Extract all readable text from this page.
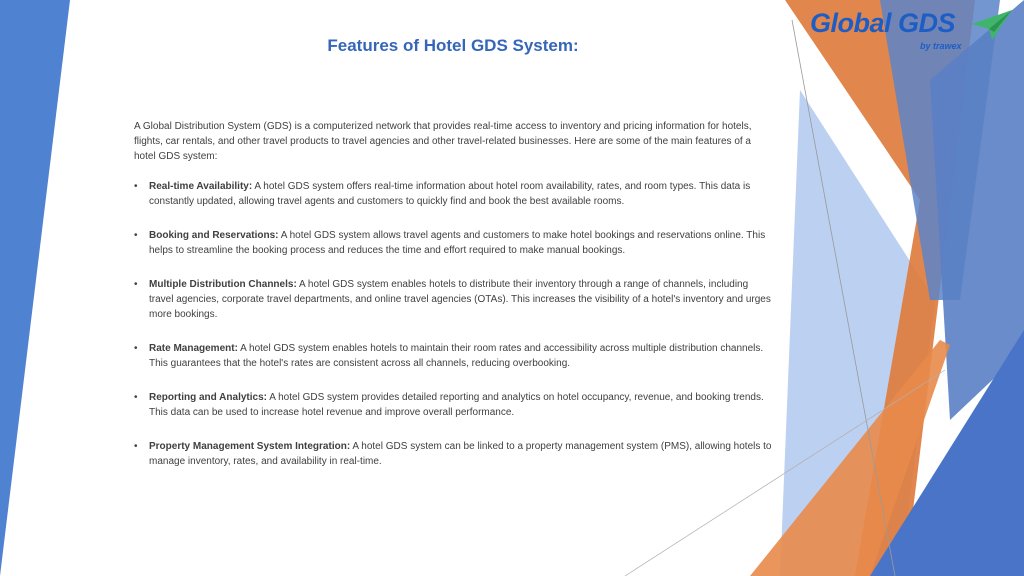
Global GDS
by trawex
Features of Hotel GDS System:

A Global Distribution System (GDS) is a computerized network that provides real-time access to inventory and pricing information for hotels, flights, car rentals, and other travel products to travel agencies and other travel-related businesses. Here are some of the main features of a hotel GDS system:

• Real-time Availability: A hotel GDS system offers real-time information about hotel room availability, rates, and room types. This data is constantly updated, allowing travel agents and customers to quickly find and book the best available rooms.
• Booking and Reservations: A hotel GDS system allows travel agents and customers to make hotel bookings and reservations online. This helps to streamline the booking process and reduces the time and effort required to make manual bookings.
• Multiple Distribution Channels: A hotel GDS system enables hotels to distribute their inventory through a range of channels, including travel agencies, corporate travel departments, and online travel agencies (OTAs). This increases the visibility of a hotel's inventory and urges more bookings.
• Rate Management: A hotel GDS system enables hotels to maintain their room rates and accessibility across multiple distribution channels. This guarantees that the hotel's rates are consistent across all channels, reducing overbooking.
• Reporting and Analytics: A hotel GDS system provides detailed reporting and analytics on hotel occupancy, revenue, and booking trends. This data can be used to increase hotel revenue and improve overall performance.
• Property Management System Integration: A hotel GDS system can be linked to a property management system (PMS), allowing hotels to manage inventory, rates, and availability in real-time.
